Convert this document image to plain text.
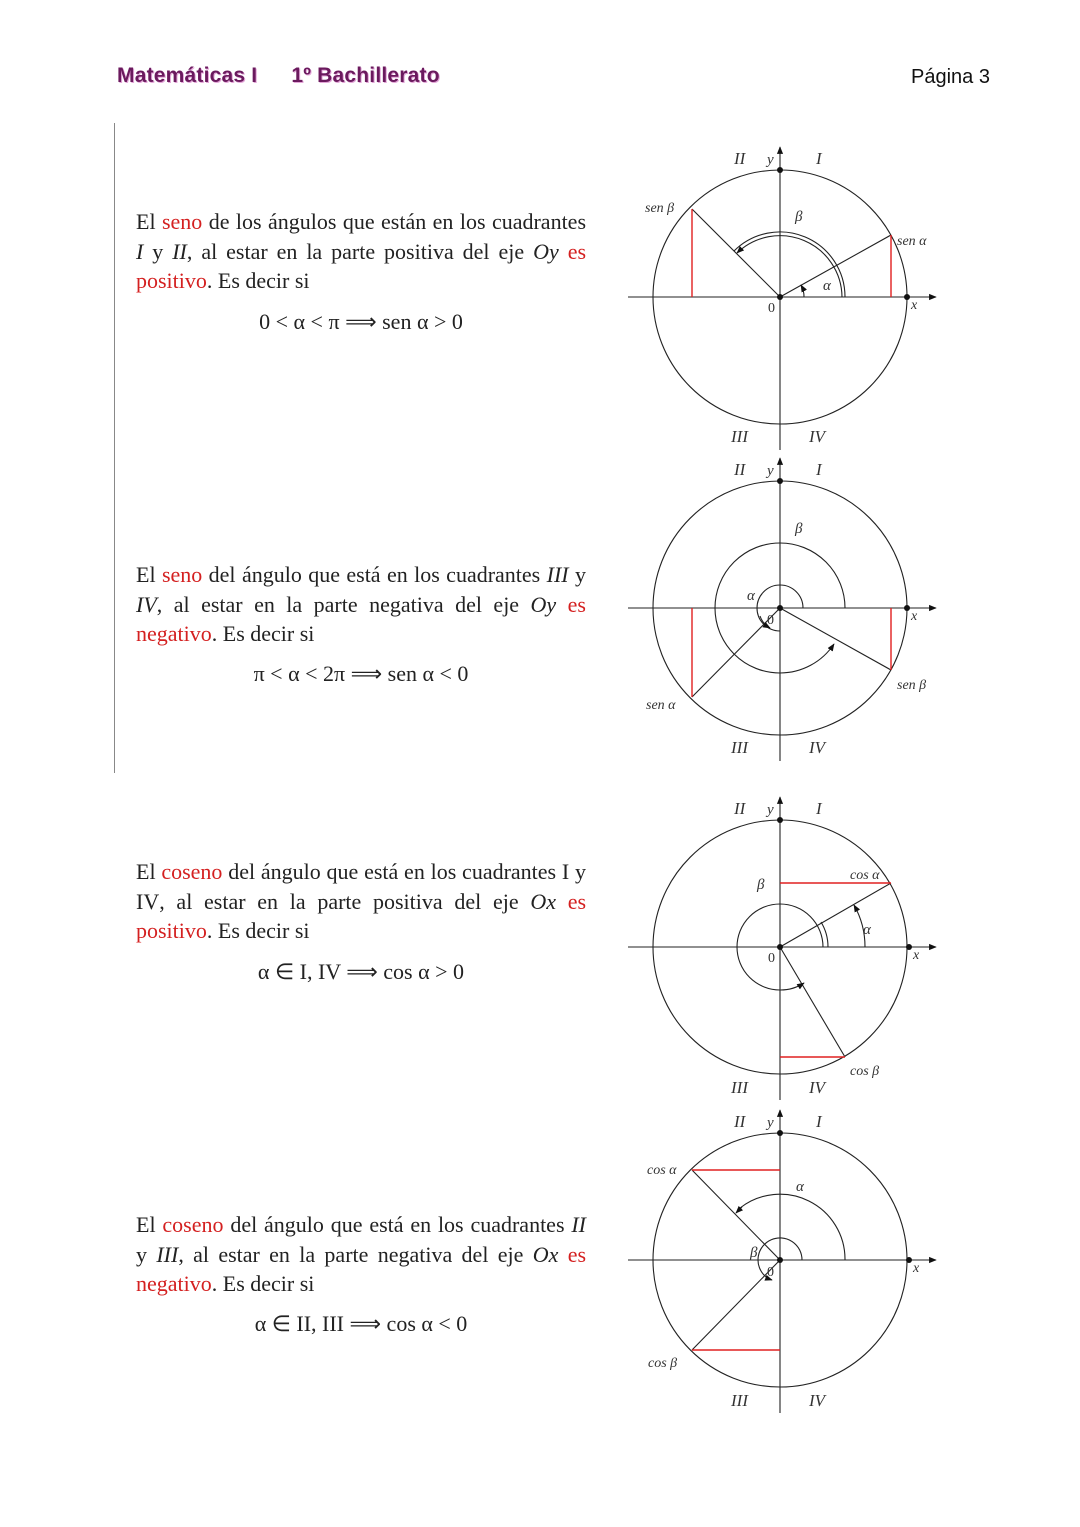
Matemáticas I 1º Bachillerato	Página 3
El seno de los ángulos que están en los cuadrantes I y II, al estar en la parte positiva del eje Oy es positivo. Es decir si
0 < α < π ⟹ sen α > 0
El seno del ángulo que está en los cuadrantes III y IV, al estar en la parte negativa del eje Oy es negativo. Es decir si
π < α < 2π ⟹ sen α < 0
El coseno del ángulo que está en los cuadrantes I y IV, al estar en la parte positiva del eje Ox es positivo. Es decir si
α ∈ I, IV ⟹ cos α > 0
El coseno del ángulo que está en los cuadrantes II y III, al estar en la parte negativa del eje Ox es negativo. Es decir si
α ∈ II, III ⟹ cos α < 0
II	I
III	IV
y
x
0
sen β
sen α
β
α
II	I
III	IV
y
x
0
β
α
sen α
sen β
II	I
III	IV
y
x
0
β
α
cos α
cos β
II	I
III	IV
y
x
0
cos α
cos β
α
β
